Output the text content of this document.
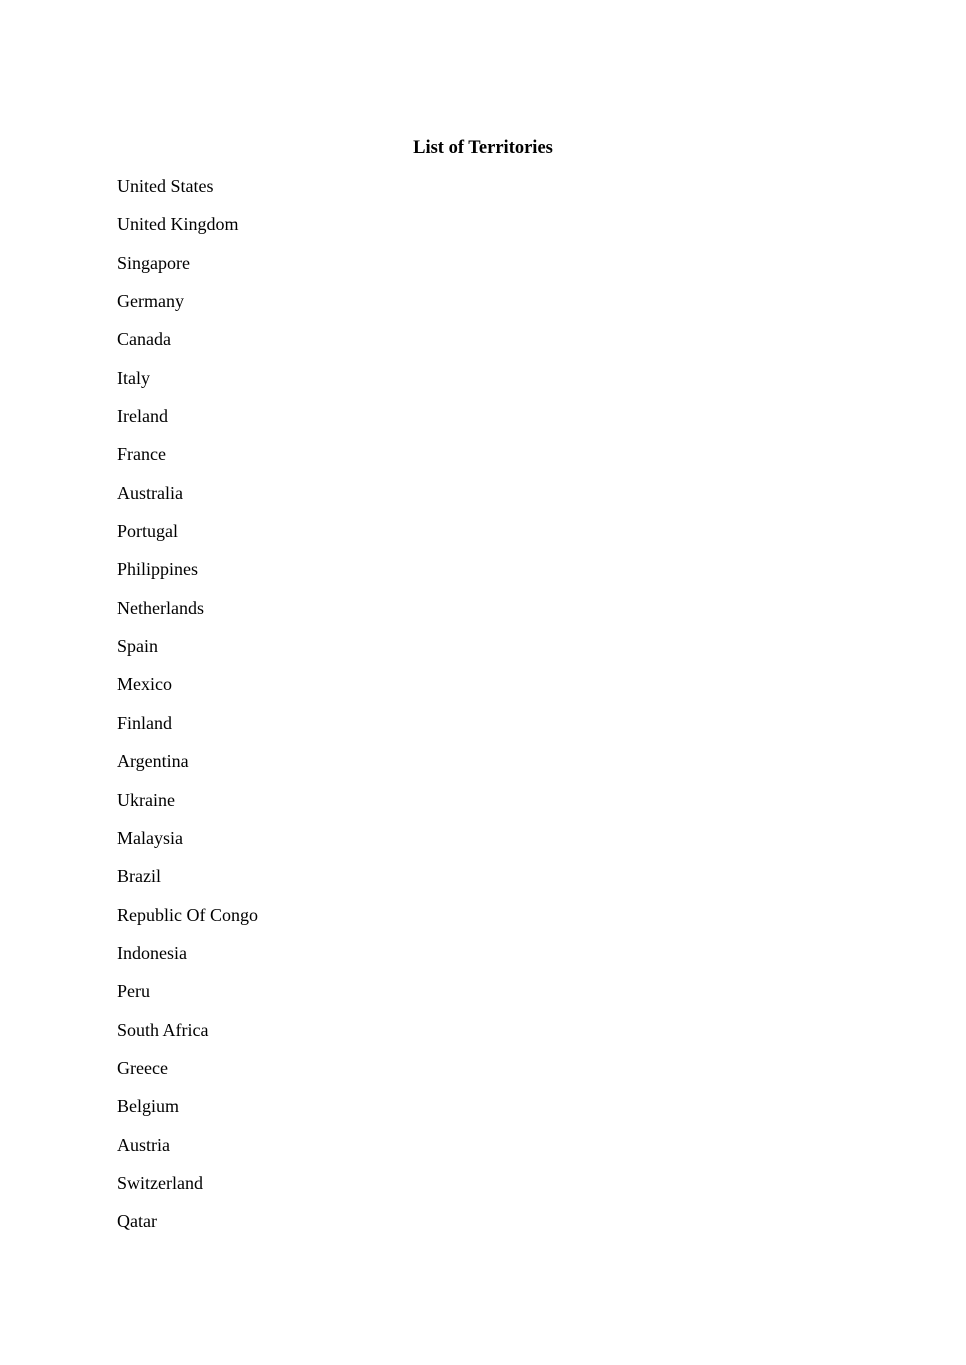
List of Territories
United States
United Kingdom
Singapore
Germany
Canada
Italy
Ireland
France
Australia
Portugal
Philippines
Netherlands
Spain
Mexico
Finland
Argentina
Ukraine
Malaysia
Brazil
Republic Of Congo
Indonesia
Peru
South Africa
Greece
Belgium
Austria
Switzerland
Qatar
